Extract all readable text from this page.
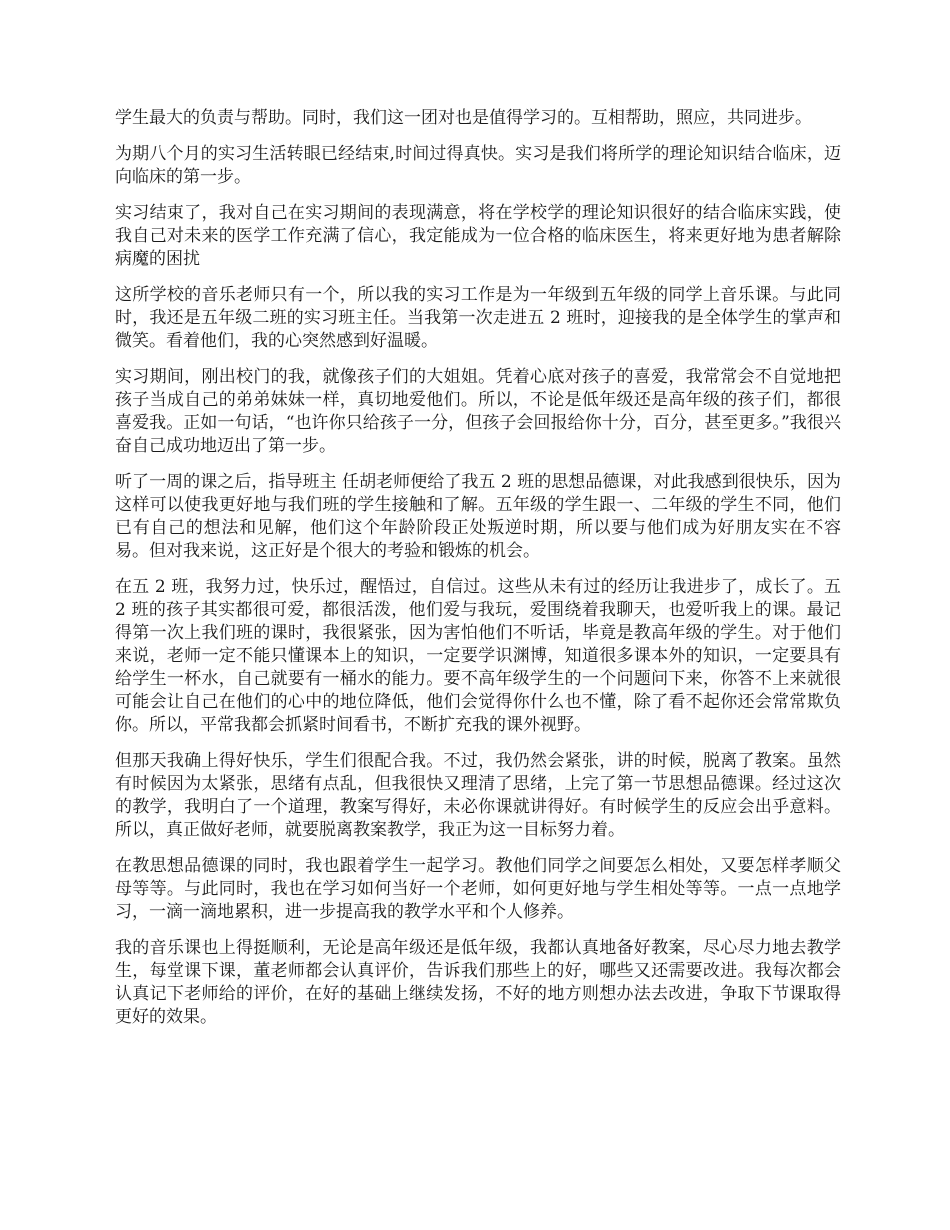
学生最大的负责与帮助。同时，我们这一团对也是值得学习的。互相帮助，照应，共同进步。

为期八个月的实习生活转眼已经结束,时间过得真快。实习是我们将所学的理论知识结合临床，迈向临床的第一步。

实习结束了，我对自己在实习期间的表现满意，将在学校学的理论知识很好的结合临床实践，使我自己对未来的医学工作充满了信心，我定能成为一位合格的临床医生，将来更好地为患者解除病魔的困扰

这所学校的音乐老师只有一个，所以我的实习工作是为一年级到五年级的同学上音乐课。与此同时，我还是五年级二班的实习班主任。当我第一次走进五 2 班时，迎接我的是全体学生的掌声和微笑。看着他们，我的心突然感到好温暖。

实习期间，刚出校门的我，就像孩子们的大姐姐。凭着心底对孩子的喜爱，我常常会不自觉地把孩子当成自己的弟弟妹妹一样，真切地爱他们。所以，不论是低年级还是高年级的孩子们，都很喜爱我。正如一句话，“也许你只给孩子一分，但孩子会回报给你十分，百分，甚至更多。”我很兴奋自己成功地迈出了第一步。

听了一周的课之后，指导班主 任胡老师便给了我五 2 班的思想品德课，对此我感到很快乐，因为这样可以使我更好地与我们班的学生接触和了解。五年级的学生跟一、二年级的学生不同，他们已有自己的想法和见解，他们这个年龄阶段正处叛逆时期，所以要与他们成为好朋友实在不容易。但对我来说，这正好是个很大的考验和锻炼的机会。

在五 2 班，我努力过，快乐过，醒悟过，自信过。这些从未有过的经历让我进步了，成长了。五 2 班的孩子其实都很可爱，都很活泼，他们爱与我玩，爱围绕着我聊天，也爱听我上的课。最记得第一次上我们班的课时，我很紧张，因为害怕他们不听话，毕竟是教高年级的学生。对于他们来说，老师一定不能只懂课本上的知识，一定要学识渊博，知道很多课本外的知识，一定要具有给学生一杯水，自己就要有一桶水的能力。要不高年级学生的一个问题问下来，你答不上来就很可能会让自己在他们的心中的地位降低，他们会觉得你什么也不懂，除了看不起你还会常常欺负你。所以，平常我都会抓紧时间看书，不断扩充我的课外视野。

但那天我确上得好快乐，学生们很配合我。不过，我仍然会紧张，讲的时候，脱离了教案。虽然有时候因为太紧张，思绪有点乱，但我很快又理清了思绪，上完了第一节思想品德课。经过这次的教学，我明白了一个道理，教案写得好，未必你课就讲得好。有时候学生的反应会出乎意料。所以，真正做好老师，就要脱离教案教学，我正为这一目标努力着。

在教思想品德课的同时，我也跟着学生一起学习。教他们同学之间要怎么相处，又要怎样孝顺父母等等。与此同时，我也在学习如何当好一个老师，如何更好地与学生相处等等。一点一点地学习，一滴一滴地累积，进一步提高我的教学水平和个人修养。

我的音乐课也上得挺顺利，无论是高年级还是低年级，我都认真地备好教案，尽心尽力地去教学生，每堂课下课，董老师都会认真评价，告诉我们那些上的好，哪些又还需要改进。我每次都会认真记下老师给的评价，在好的基础上继续发扬，不好的地方则想办法去改进，争取下节课取得更好的效果。
